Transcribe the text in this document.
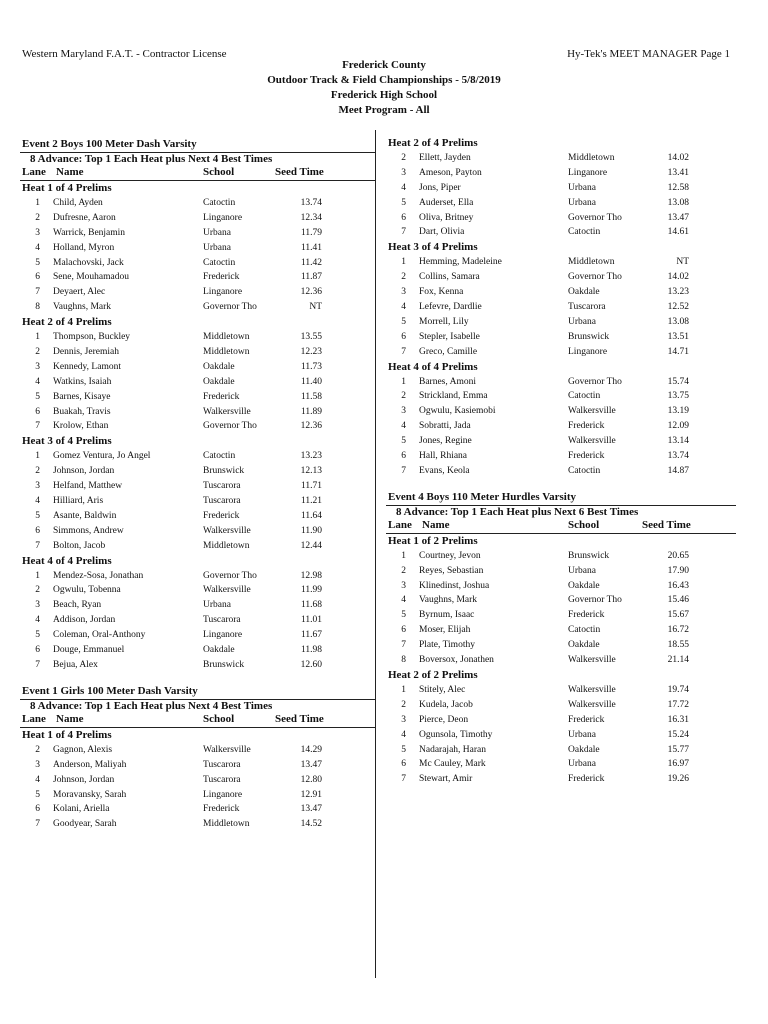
Western Maryland F.A.T. - Contractor License	Hy-Tek's MEET MANAGER Page 1
Frederick County
Outdoor Track & Field Championships - 5/8/2019
Frederick High School
Meet Program - All
Event 2 Boys 100 Meter Dash Varsity
8 Advance: Top 1 Each Heat plus Next 4 Best Times
Lane Name	School	Seed Time
Heat 1 of 4 Prelims
1 Child, Ayden	Catoctin	13.74
2 Dufresne, Aaron	Linganore	12.34
3 Warrick, Benjamin	Urbana	11.79
4 Holland, Myron	Urbana	11.41
5 Malachovski, Jack	Catoctin	11.42
6 Sene, Mouhamadou	Frederick	11.87
7 Deyaert, Alec	Linganore	12.36
8 Vaughns, Mark	Governor Tho	NT
Heat 2 of 4 Prelims
1 Thompson, Buckley	Middletown	13.55
2 Dennis, Jeremiah	Middletown	12.23
3 Kennedy, Lamont	Oakdale	11.73
4 Watkins, Isaiah	Oakdale	11.40
5 Barnes, Kisaye	Frederick	11.58
6 Buakah, Travis	Walkersville	11.89
7 Krolow, Ethan	Governor Tho	12.36
Heat 3 of 4 Prelims
1 Gomez Ventura, Jo Angel	Catoctin	13.23
2 Johnson, Jordan	Brunswick	12.13
3 Helfand, Matthew	Tuscarora	11.71
4 Hilliard, Aris	Tuscarora	11.21
5 Asante, Baldwin	Frederick	11.64
6 Simmons, Andrew	Walkersville	11.90
7 Bolton, Jacob	Middletown	12.44
Heat 4 of 4 Prelims
1 Mendez-Sosa, Jonathan	Governor Tho	12.98
2 Ogwulu, Tobenna	Walkersville	11.99
3 Beach, Ryan	Urbana	11.68
4 Addison, Jordan	Tuscarora	11.01
5 Coleman, Oral-Anthony	Linganore	11.67
6 Douge, Emmanuel	Oakdale	11.98
7 Bejua, Alex	Brunswick	12.60
Event 1 Girls 100 Meter Dash Varsity
8 Advance: Top 1 Each Heat plus Next 4 Best Times
Lane Name	School	Seed Time
Heat 1 of 4 Prelims
2 Gagnon, Alexis	Walkersville	14.29
3 Anderson, Maliyah	Tuscarora	13.47
4 Johnson, Jordan	Tuscarora	12.80
5 Moravansky, Sarah	Linganore	12.91
6 Kolani, Ariella	Frederick	13.47
7 Goodyear, Sarah	Middletown	14.52
Heat 2 of 4 Prelims
2 Ellett, Jayden	Middletown	14.02
3 Ameson, Payton	Linganore	13.41
4 Jons, Piper	Urbana	12.58
5 Auderset, Ella	Urbana	13.08
6 Oliva, Britney	Governor Tho	13.47
7 Dart, Olivia	Catoctin	14.61
Heat 3 of 4 Prelims
1 Hemming, Madeleine	Middletown	NT
2 Collins, Samara	Governor Tho	14.02
3 Fox, Kenna	Oakdale	13.23
4 Lefevre, Dardlie	Tuscarora	12.52
5 Morrell, Lily	Urbana	13.08
6 Stepler, Isabelle	Brunswick	13.51
7 Greco, Camille	Linganore	14.71
Heat 4 of 4 Prelims
1 Barnes, Amoni	Governor Tho	15.74
2 Strickland, Emma	Catoctin	13.75
3 Ogwulu, Kasiemobi	Walkersville	13.19
4 Sobratti, Jada	Frederick	12.09
5 Jones, Regine	Walkersville	13.14
6 Hall, Rhiana	Frederick	13.74
7 Evans, Keola	Catoctin	14.87
Event 4 Boys 110 Meter Hurdles Varsity
8 Advance: Top 1 Each Heat plus Next 6 Best Times
Lane Name	School	Seed Time
Heat 1 of 2 Prelims
1 Courtney, Jevon	Brunswick	20.65
2 Reyes, Sebastian	Urbana	17.90
3 Klinedinst, Joshua	Oakdale	16.43
4 Vaughns, Mark	Governor Tho	15.46
5 Byrnum, Isaac	Frederick	15.67
6 Moser, Elijah	Catoctin	16.72
7 Plate, Timothy	Oakdale	18.55
8 Boversox, Jonathen	Walkersville	21.14
Heat 2 of 2 Prelims
1 Stitely, Alec	Walkersville	19.74
2 Kudela, Jacob	Walkersville	17.72
3 Pierce, Deon	Frederick	16.31
4 Ogunsola, Timothy	Urbana	15.24
5 Nadarajah, Haran	Oakdale	15.77
6 Mc Cauley, Mark	Urbana	16.97
7 Stewart, Amir	Frederick	19.26
